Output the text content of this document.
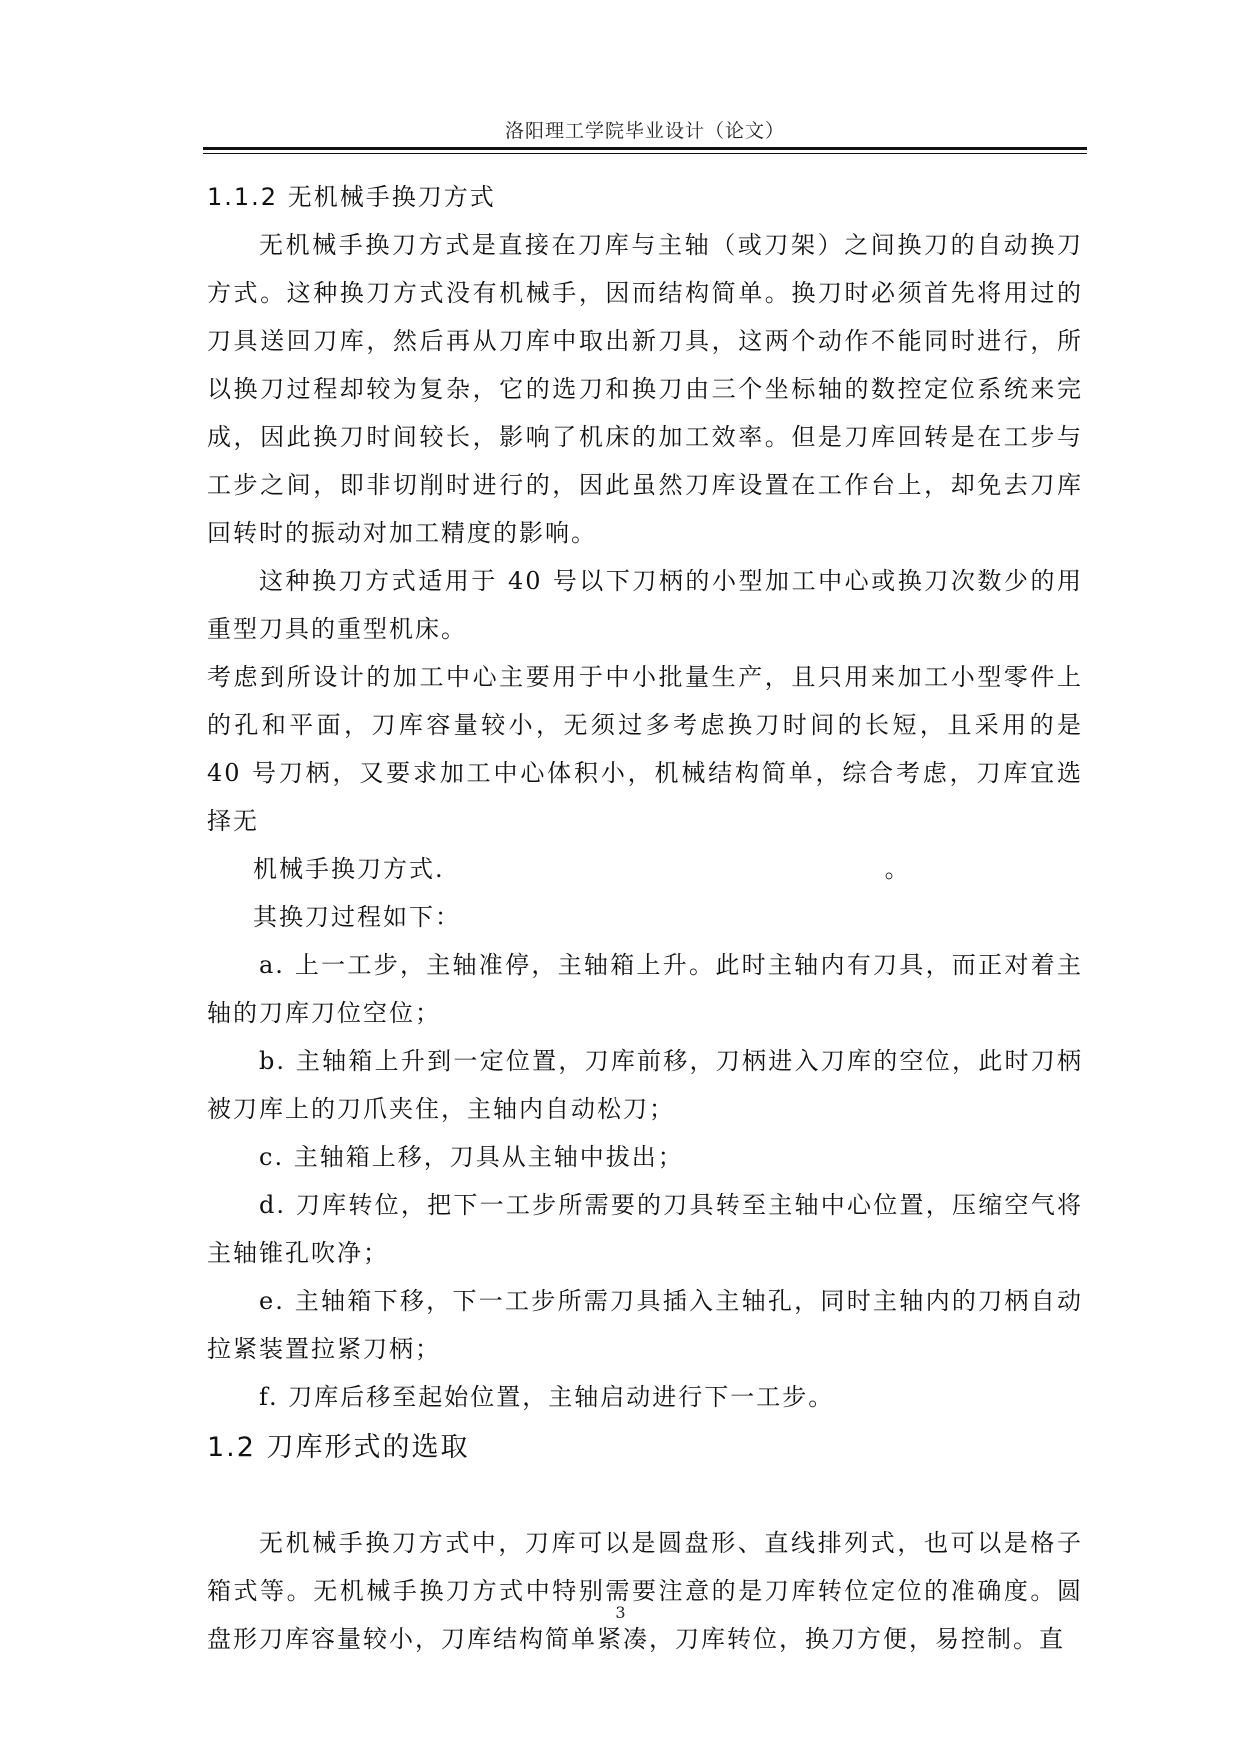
洛阳理工学院毕业设计（论文）

1.1.2 无机械手换刀方式

无机械手换刀方式是直接在刀库与主轴（或刀架）之间换刀的自动换刀方式。这种换刀方式没有机械手，因而结构简单。换刀时必须首先将用过的刀具送回刀库，然后再从刀库中取出新刀具，这两个动作不能同时进行，所以换刀过程却较为复杂，它的选刀和换刀由三个坐标轴的数控定位系统来完成，因此换刀时间较长，影响了机床的加工效率。但是刀库回转是在工步与工步之间，即非切削时进行的，因此虽然刀库设置在工作台上，却免去刀库回转时的振动对加工精度的影响。

这种换刀方式适用于 40 号以下刀柄的小型加工中心或换刀次数少的用重型刀具的重型机床。

考虑到所设计的加工中心主要用于中小批量生产，且只用来加工小型零件上的孔和平面，刀库容量较小，无须过多考虑换刀时间的长短，且采用的是 40 号刀柄，又要求加工中心体积小，机械结构简单，综合考虑，刀库宜选择无

机械手换刀方式.	。

其换刀过程如下：

a. 上一工步，主轴准停，主轴箱上升。此时主轴内有刀具，而正对着主轴的刀库刀位空位；

b. 主轴箱上升到一定位置，刀库前移，刀柄进入刀库的空位，此时刀柄被刀库上的刀爪夹住，主轴内自动松刀；

c. 主轴箱上移，刀具从主轴中拔出；

d. 刀库转位，把下一工步所需要的刀具转至主轴中心位置，压缩空气将主轴锥孔吹净；

e. 主轴箱下移，下一工步所需刀具插入主轴孔，同时主轴内的刀柄自动拉紧装置拉紧刀柄；

f. 刀库后移至起始位置，主轴启动进行下一工步。

1.2 刀库形式的选取

无机械手换刀方式中，刀库可以是圆盘形、直线排列式，也可以是格子箱式等。无机械手换刀方式中特别需要注意的是刀库转位定位的准确度。圆盘形刀库容量较小，刀库结构简单紧凑，刀库转位，换刀方便，易控制。直

3
